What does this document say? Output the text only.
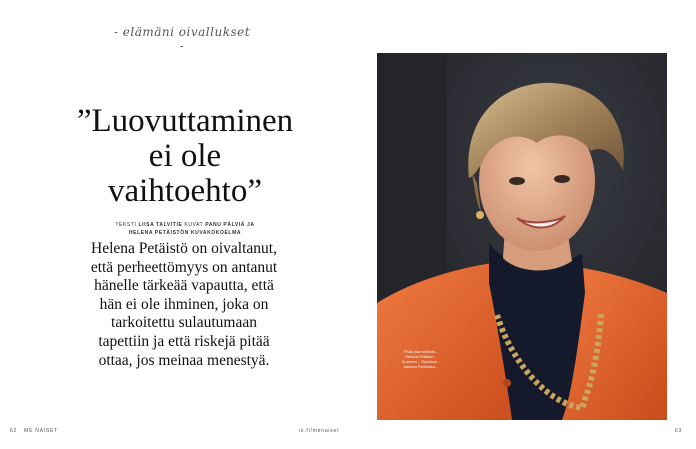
- elämäni oivallukset -
”Luovuttaminen
ei ole
vaihtoehto”
TEKSTI LIISA TALVITIE KUVAT PANU PÄLVIÄ JA
HELENA PETÄISTÖN KUVAKOKOELMA
Helena Petäistö on oivaltanut,
että perheettömyys on antanut
hänelle tärkeää vapautta, että
hän ei ole ihminen, joka on
tarkoitettu sulautumaan
tapettiin ja että riskejä pitää
ottaa, jos meinaa menestyä.
Pitää pian kiitävät... Helena Petäistö... Suomen... Ranskan... kanava Pariisissa...
62 ME NAISET	is.fi/menaiset	63
